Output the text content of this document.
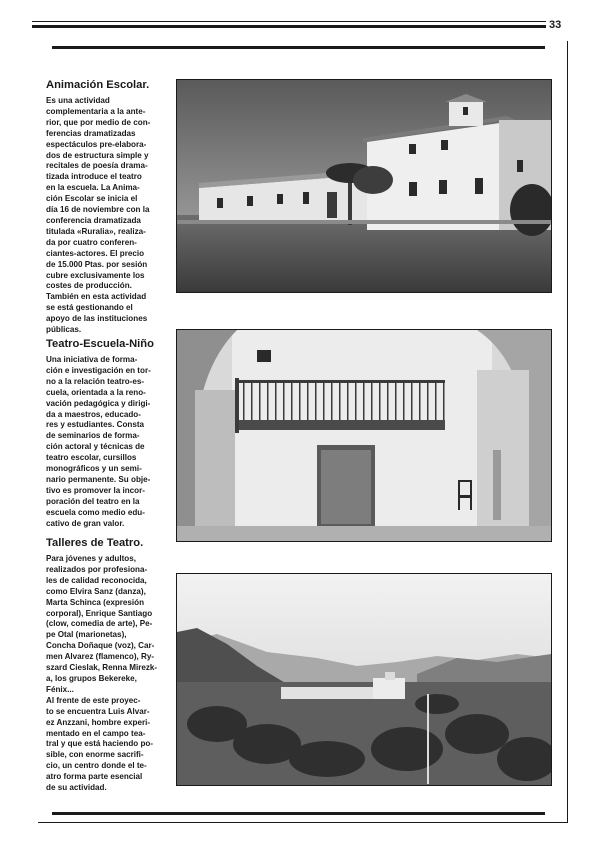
33
Animación Escolar.
Es una actividad
complementaria a la ante-
rior, que por medio de con-
ferencias dramatizadas
espectáculos pre-elabora-
dos de estructura simple y
recitales de poesía drama-
tizada introduce el teatro
en la escuela. La Anima-
ción Escolar se inicia el
día 16 de noviembre con la
conferencia dramatizada
titulada «Ruralia», realiza-
da por cuatro conferen-
ciantes-actores. El precio
de 15.000 Ptas. por sesión
cubre exclusivamente los
costes de producción.
También en esta actividad
se está gestionando el
apoyo de las instituciones
públicas.
Teatro-Escuela-Niño
Una iniciativa de forma-
ción e investigación en tor-
no a la relación teatro-es-
cuela, orientada a la reno-
vación pedagógica y dirigi-
da a maestros, educado-
res y estudiantes. Consta
de seminarios de forma-
ción actoral y técnicas de
teatro escolar, cursillos
monográficos y un semi-
nario permanente. Su obje-
tivo es promover la incor-
poración del teatro en la
escuela como medio edu-
cativo de gran valor.
Talleres de Teatro.
Para jóvenes y adultos,
realizados por profesiona-
les de calidad reconocida,
como Elvira Sanz (danza),
Marta Schinca (expresión
corporal), Enrique Santiago
(clow, comedia de arte), Pe-
pe Otal (marionetas),
Concha Doñaque (voz), Car-
men Alvarez (flamenco), Ry-
szard Cieslak, Renna Mirezk-
a, los grupos Bekereke,
Fénix...
Al frente de este proyec-
to se encuentra Luis Alvar-
ez Anzzani, hombre experi-
mentado en el campo tea-
tral y que está haciendo po-
sible, con enorme sacrifi-
cio, un centro donde el te-
atro forma parte esencial
de su actividad.
